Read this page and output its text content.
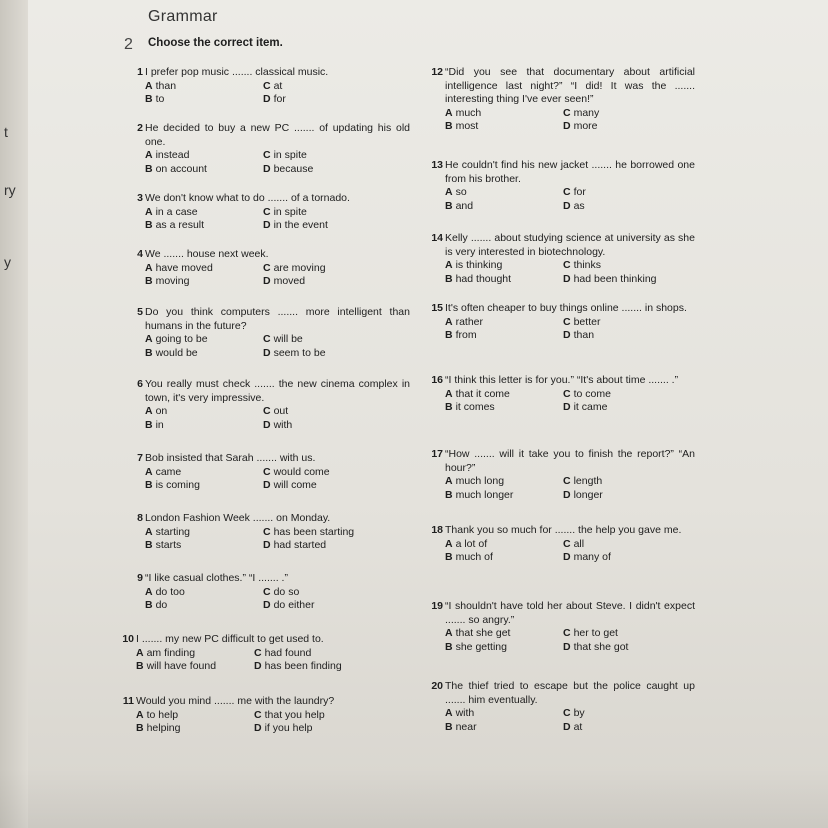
t
ry
y
Grammar
2 Choose the correct item.
1 I prefer pop music ....... classical music.
A than	C at
B to	D for
2 He decided to buy a new PC ....... of updating his old one.
A instead	C in spite
B on account	D because
3 We don't know what to do ....... of a tornado.
A in a case	C in spite
B as a result	D in the event
4 We ....... house next week.
A have moved	C are moving
B moving	D moved
5 Do you think computers ....... more intelligent than humans in the future?
A going to be	C will be
B would be	D seem to be
6 You really must check ....... the new cinema complex in town, it's very impressive.
A on	C out
B in	D with
7 Bob insisted that Sarah ....... with us.
A came	C would come
B is coming	D will come
8 London Fashion Week ....... on Monday.
A starting	C has been starting
B starts	D had started
9 “I like casual clothes.” “I ....... .”
A do too	C do so
B do	D do either
10 I ....... my new PC difficult to get used to.
A am finding	C had found
B will have found	D has been finding
11 Would you mind ....... me with the laundry?
A to help	C that you help
B helping	D if you help
12 “Did you see that documentary about artificial intelligence last night?” “I did! It was the ....... interesting thing I've ever seen!”
A much	C many
B most	D more
13 He couldn't find his new jacket ....... he borrowed one from his brother.
A so	C for
B and	D as
14 Kelly ....... about studying science at university as she is very interested in biotechnology.
A is thinking	C thinks
B had thought	D had been thinking
15 It's often cheaper to buy things online ....... in shops.
A rather	C better
B from	D than
16 “I think this letter is for you.” “It's about time ....... .”
A that it come	C to come
B it comes	D it came
17 “How ....... will it take you to finish the report?” “An hour?”
A much long	C length
B much longer	D longer
18 Thank you so much for ....... the help you gave me.
A a lot of	C all
B much of	D many of
19 “I shouldn't have told her about Steve. I didn't expect ....... so angry.”
A that she get	C her to get
B she getting	D that she got
20 The thief tried to escape but the police caught up ....... him eventually.
A with	C by
B near	D at
